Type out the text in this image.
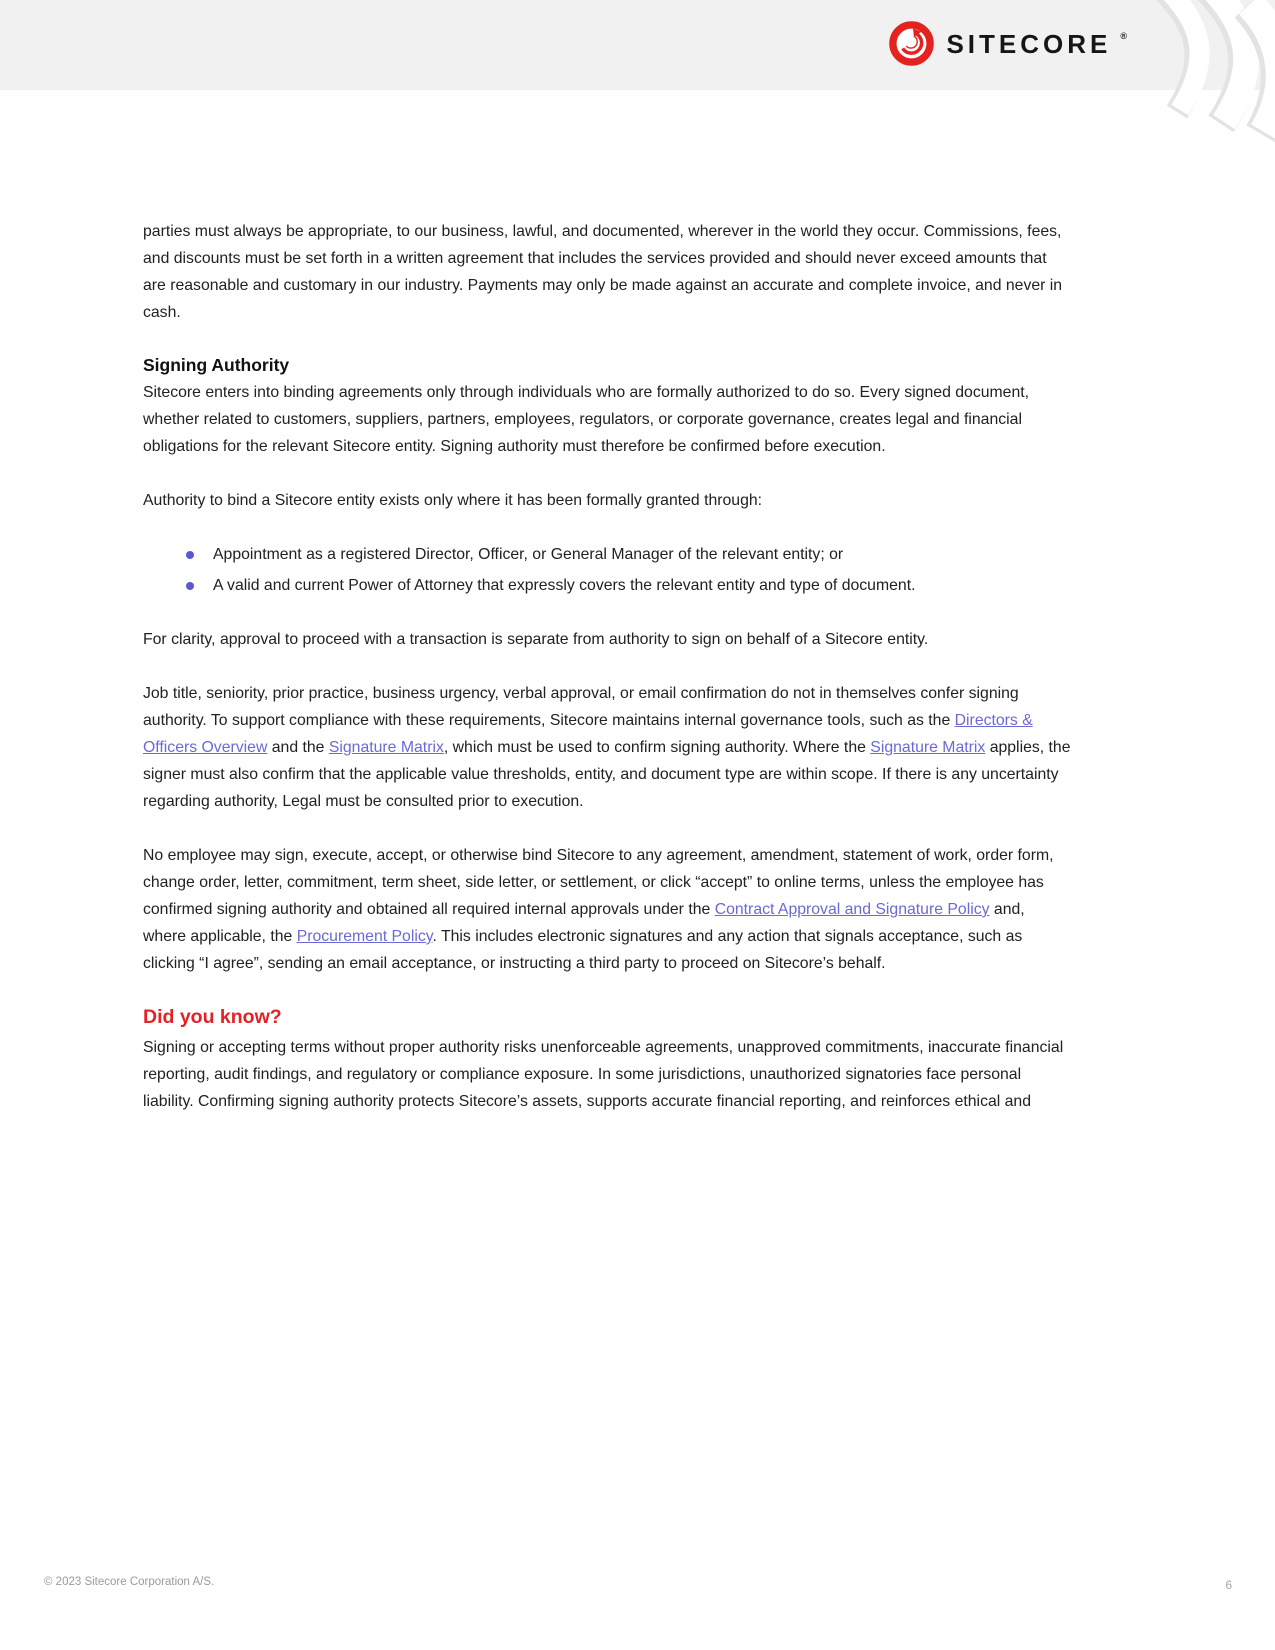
SITECORE ®

parties must always be appropriate, to our business, lawful, and documented, wherever in the world they occur. Commissions, fees, and discounts must be set forth in a written agreement that includes the services provided and should never exceed amounts that are reasonable and customary in our industry. Payments may only be made against an accurate and complete invoice, and never in cash.

Signing Authority

Sitecore enters into binding agreements only through individuals who are formally authorized to do so. Every signed document, whether related to customers, suppliers, partners, employees, regulators, or corporate governance, creates legal and financial obligations for the relevant Sitecore entity. Signing authority must therefore be confirmed before execution.

Authority to bind a Sitecore entity exists only where it has been formally granted through:

Appointment as a registered Director, Officer, or General Manager of the relevant entity; or
A valid and current Power of Attorney that expressly covers the relevant entity and type of document.

For clarity, approval to proceed with a transaction is separate from authority to sign on behalf of a Sitecore entity.

Job title, seniority, prior practice, business urgency, verbal approval, or email confirmation do not in themselves confer signing authority. To support compliance with these requirements, Sitecore maintains internal governance tools, such as the Directors & Officers Overview and the Signature Matrix, which must be used to confirm signing authority. Where the Signature Matrix applies, the signer must also confirm that the applicable value thresholds, entity, and document type are within scope. If there is any uncertainty regarding authority, Legal must be consulted prior to execution.

No employee may sign, execute, accept, or otherwise bind Sitecore to any agreement, amendment, statement of work, order form, change order, letter, commitment, term sheet, side letter, or settlement, or click “accept” to online terms, unless the employee has confirmed signing authority and obtained all required internal approvals under the Contract Approval and Signature Policy and, where applicable, the Procurement Policy. This includes electronic signatures and any action that signals acceptance, such as clicking “I agree”, sending an email acceptance, or instructing a third party to proceed on Sitecore’s behalf.

Did you know?

Signing or accepting terms without proper authority risks unenforceable agreements, unapproved commitments, inaccurate financial reporting, audit findings, and regulatory or compliance exposure. In some jurisdictions, unauthorized signatories face personal liability. Confirming signing authority protects Sitecore’s assets, supports accurate financial reporting, and reinforces ethical and

© 2023 Sitecore Corporation A/S.	6
